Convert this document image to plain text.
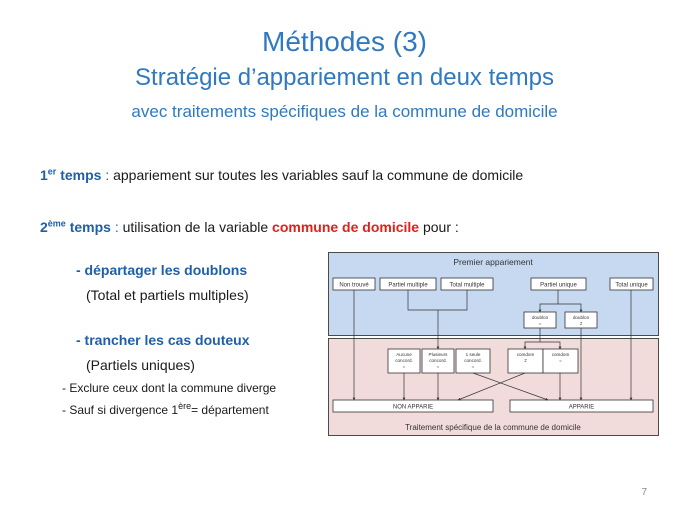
Méthodes (3)
Stratégie d’appariement en deux temps
avec traitements spécifiques de la commune de domicile
1er temps : appariement sur toutes les variables sauf la commune de domicile
2ème temps : utilisation de la variable commune de domicile pour :
- départager les doublons
(Total et partiels multiples)
- trancher les cas douteux
(Partiels uniques)
- Exclure ceux dont la commune diverge
- Sauf si divergence 1ère= département
Premier appariement
Traitement spécifique de la commune de domicile
Non trouvé	Partiel multiple	Total multiple	Partiel unique	Total unique
NON APPARIE	APPARIE
doublon
=
doublon
≠
Aucune
concord.
=
Plusieurs
concord.
=
1 seule
concord.
=
comdom
≠
comdom
=
7
